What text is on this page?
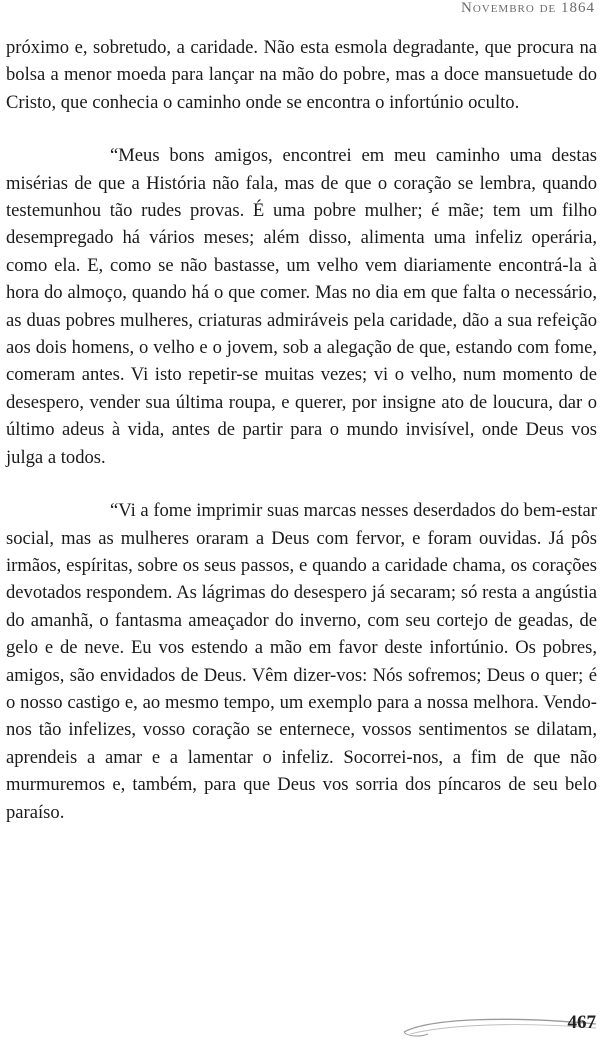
Novembro de 1864

próximo e, sobretudo, a caridade. Não esta esmola degradante, que procura na bolsa a menor moeda para lançar na mão do pobre, mas a doce mansuetude do Cristo, que conhecia o caminho onde se encontra o infortúnio oculto.

“Meus bons amigos, encontrei em meu caminho uma destas misérias de que a História não fala, mas de que o coração se lembra, quando testemunhou tão rudes provas. É uma pobre mulher; é mãe; tem um filho desempregado há vários meses; além disso, alimenta uma infeliz operária, como ela. E, como se não bastasse, um velho vem diariamente encontrá-la à hora do almoço, quando há o que comer. Mas no dia em que falta o necessário, as duas pobres mulheres, criaturas admiráveis pela caridade, dão a sua refeição aos dois homens, o velho e o jovem, sob a alegação de que, estando com fome, comeram antes. Vi isto repetir-se muitas vezes; vi o velho, num momento de desespero, vender sua última roupa, e querer, por insigne ato de loucura, dar o último adeus à vida, antes de partir para o mundo invisível, onde Deus vos julga a todos.

“Vi a fome imprimir suas marcas nesses deserdados do bem-estar social, mas as mulheres oraram a Deus com fervor, e foram ouvidas. Já pôs irmãos, espíritas, sobre os seus passos, e quando a caridade chama, os corações devotados respondem. As lágrimas do desespero já secaram; só resta a angústia do amanhã, o fantasma ameaçador do inverno, com seu cortejo de geadas, de gelo e de neve. Eu vos estendo a mão em favor deste infortúnio. Os pobres, amigos, são envidados de Deus. Vêm dizer-vos: Nós sofremos; Deus o quer; é o nosso castigo e, ao mesmo tempo, um exemplo para a nossa melhora. Vendo-nos tão infelizes, vosso coração se enternece, vossos sentimentos se dilatam, aprendeis a amar e a lamentar o infeliz. Socorrei-nos, a fim de que não murmuremos e, também, para que Deus vos sorria dos píncaros de seu belo paraíso.

467
